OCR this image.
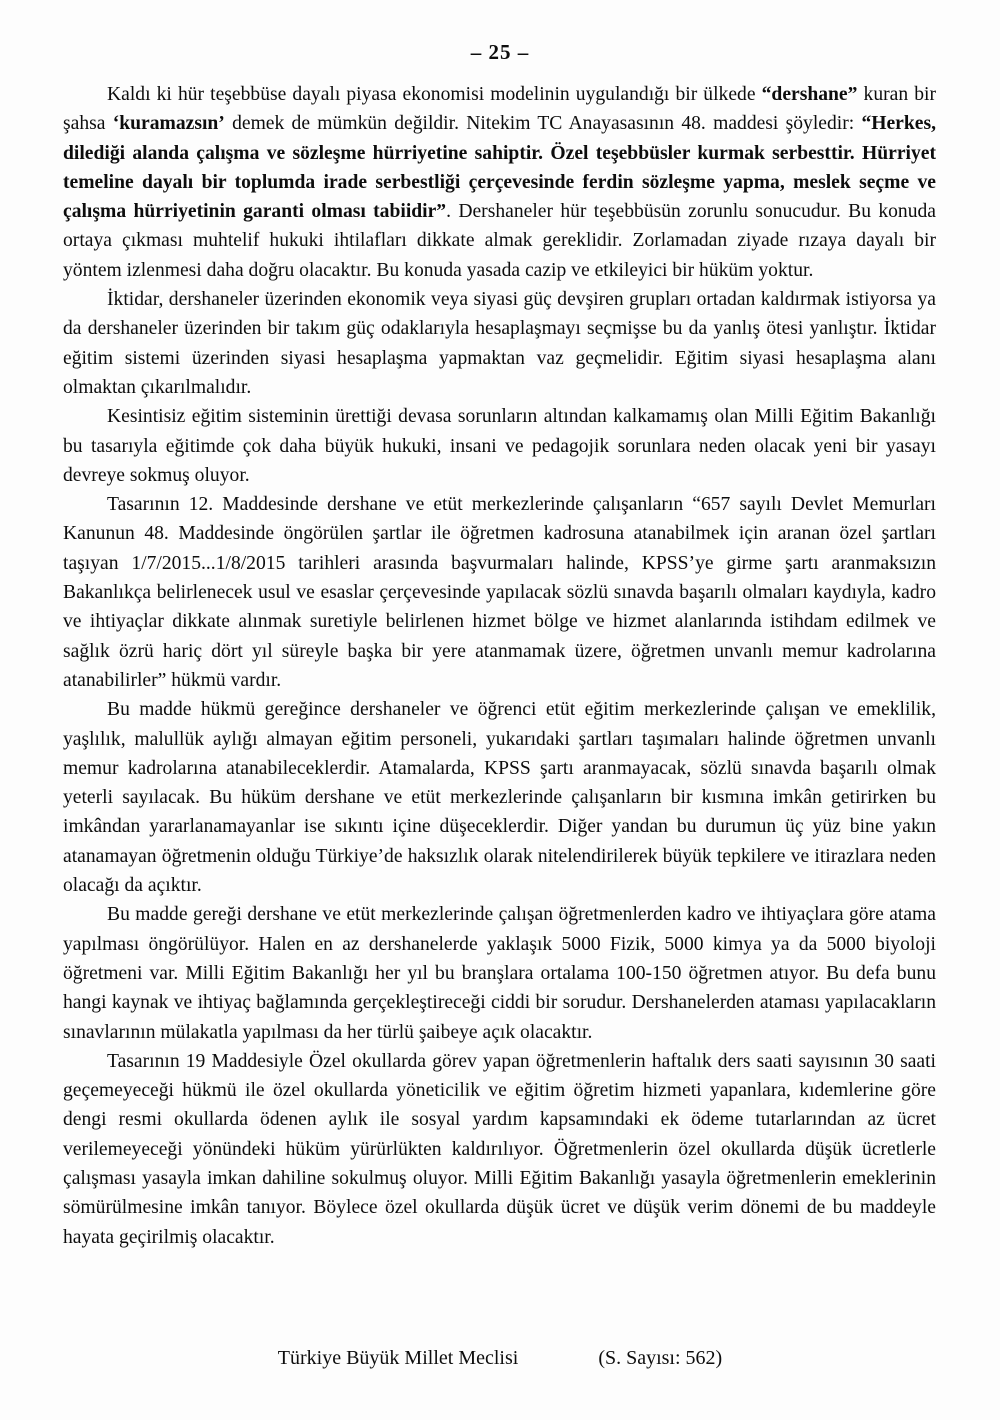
– 25 –

Kaldı ki hür teşebbüse dayalı piyasa ekonomisi modelinin uygulandığı bir ülkede “dershane” kuran bir şahsa ‘kuramazsın’ demek de mümkün değildir. Nitekim TC Anayasasının 48. maddesi şöyledir: “Herkes, dilediği alanda çalışma ve sözleşme hürriyetine sahiptir. Özel teşebbüsler kurmak serbesttir. Hürriyet temeline dayalı bir toplumda irade serbestliği çerçevesinde ferdin sözleşme yapma, meslek seçme ve çalışma hürriyetinin garanti olması tabiidir”. Dershaneler hür teşebbüsün zorunlu sonucudur. Bu konuda ortaya çıkması muhtelif hukuki ihtilafları dikkate almak gereklidir. Zorlamadan ziyade rızaya dayalı bir yöntem izlenmesi daha doğru olacaktır. Bu konuda yasada cazip ve etkileyici bir hüküm yoktur.

İktidar, dershaneler üzerinden ekonomik veya siyasi güç devşiren grupları ortadan kaldırmak istiyorsa ya da dershaneler üzerinden bir takım güç odaklarıyla hesaplaşmayı seçmişse bu da yanlış ötesi yanlıştır. İktidar eğitim sistemi üzerinden siyasi hesaplaşma yapmaktan vaz geçmelidir. Eğitim siyasi hesaplaşma alanı olmaktan çıkarılmalıdır.

Kesintisiz eğitim sisteminin ürettiği devasa sorunların altından kalkamamış olan Milli Eğitim Bakanlığı bu tasarıyla eğitimde çok daha büyük hukuki, insani ve pedagojik sorunlara neden olacak yeni bir yasayı devreye sokmuş oluyor.

Tasarının 12. Maddesinde dershane ve etüt merkezlerinde çalışanların “657 sayılı Devlet Memurları Kanunun 48. Maddesinde öngörülen şartlar ile öğretmen kadrosuna atanabilmek için aranan özel şartları taşıyan 1/7/2015...1/8/2015 tarihleri arasında başvurmaları halinde, KPSS’ye girme şartı aranmaksızın Bakanlıkça belirlenecek usul ve esaslar çerçevesinde yapılacak sözlü sınavda başarılı olmaları kaydıyla, kadro ve ihtiyaçlar dikkate alınmak suretiyle belirlenen hizmet bölge ve hizmet alanlarında istihdam edilmek ve sağlık özrü hariç dört yıl süreyle başka bir yere atanmamak üzere, öğretmen unvanlı memur kadrolarına atanabilirler” hükmü vardır.

Bu madde hükmü gereğince dershaneler ve öğrenci etüt eğitim merkezlerinde çalışan ve emeklilik, yaşlılık, malullük aylığı almayan eğitim personeli, yukarıdaki şartları taşımaları halinde öğretmen unvanlı memur kadrolarına atanabileceklerdir. Atamalarda, KPSS şartı aranmayacak, sözlü sınavda başarılı olmak yeterli sayılacak. Bu hüküm dershane ve etüt merkezlerinde çalışanların bir kısmına imkân getirirken bu imkândan yararlanamayanlar ise sıkıntı içine düşeceklerdir. Diğer yandan bu durumun üç yüz bine yakın atanamayan öğretmenin olduğu Türkiye’de haksızlık olarak nitelendirilerek büyük tepkilere ve itirazlara neden olacağı da açıktır.

Bu madde gereği dershane ve etüt merkezlerinde çalışan öğretmenlerden kadro ve ihtiyaçlara göre atama yapılması öngörülüyor. Halen en az dershanelerde yaklaşık 5000 Fizik, 5000 kimya ya da 5000 biyoloji öğretmeni var. Milli Eğitim Bakanlığı her yıl bu branşlara ortalama 100-150 öğretmen atıyor. Bu defa bunu hangi kaynak ve ihtiyaç bağlamında gerçekleştireceği ciddi bir sorudur. Dershanelerden ataması yapılacakların sınavlarının mülakatla yapılması da her türlü şaibeye açık olacaktır.

Tasarının 19 Maddesiyle Özel okullarda görev yapan öğretmenlerin haftalık ders saati sayısının 30 saati geçemeyeceği hükmü ile özel okullarda yöneticilik ve eğitim öğretim hizmeti yapanlara, kıdemlerine göre dengi resmi okullarda ödenen aylık ile sosyal yardım kapsamındaki ek ödeme tutarlarından az ücret verilemeyeceği yönündeki hüküm yürürlükten kaldırılıyor. Öğretmenlerin özel okullarda düşük ücretlerle çalışması yasayla imkan dahiline sokulmuş oluyor. Milli Eğitim Bakanlığı yasayla öğretmenlerin emeklerinin sömürülmesine imkân tanıyor. Böylece özel okullarda düşük ücret ve düşük verim dönemi de bu maddeyle hayata geçirilmiş olacaktır.

Türkiye Büyük Millet Meclisi	(S. Sayısı: 562)
